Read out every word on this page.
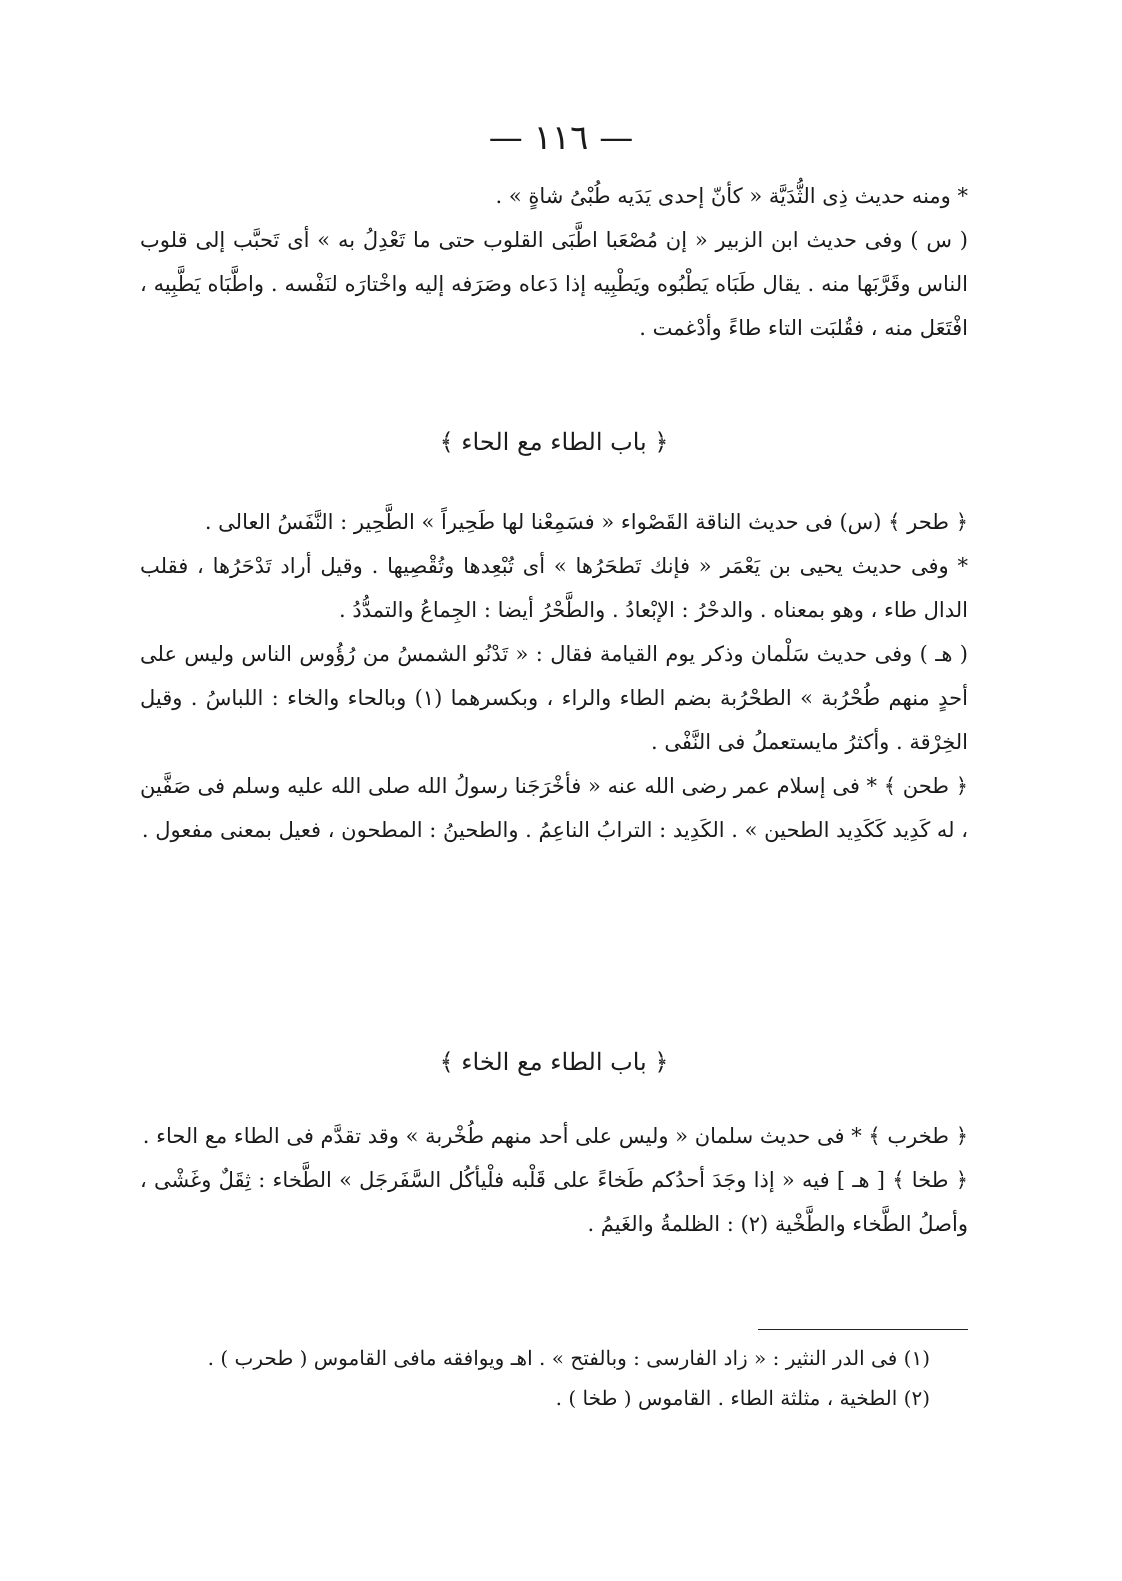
— ١١٦ —

* ومنه حديث ذِى الثُّدَيَّة « كأنّ إحدى يَدَيه طُبْىُ شاةٍ » .

( س ) وفى حديث ابن الزبير « إن مُصْعَبا اطَّبَى القلوب حتى ما تَعْدِلُ به » أى تَحبَّب إلى قلوب الناس وقَرَّبَها منه . يقال طَبَاه يَطْبُوه ويَطْبِيه إذا دَعاه وصَرَفه إليه واخْتارَه لنَفْسه . واطَّبَاه يَطَّبِيه ، افْتَعَل منه ، فقُلبَت التاء طاءً وأدْغمت .

﴿ باب الطاء مع الحاء ﴾

﴿ طحر ﴾ (س) فى حديث الناقة القَصْواء « فسَمِعْنا لها طَحِيراً » الطَّحِير : النَّفَسُ العالى .

* وفى حديث يحيى بن يَعْمَر « فإنك تَطحَرُها » أى تُبْعِدها وتُقْصِيها . وقيل أراد تَدْحَرُها ، فقلب الدال طاء ، وهو بمعناه . والدحْرُ : الإبْعادُ . والطَّحْرُ أيضا : الجِماعُ والتمدُّدُ .

( هـ ) وفى حديث سَلْمان وذكر يوم القيامة فقال : « تَدْنُو الشمسُ من رُؤُوس الناس وليس على أحدٍ منهم طُحْرُبة » الطحْرُبة بضم الطاء والراء ، وبكسرهما (١) وبالحاء والخاء : اللباسُ . وقيل الخِرْقة . وأكثرُ مايستعملُ فى النَّفْى .

﴿ طحن ﴾ * فى إسلام عمر رضى الله عنه « فأخْرَجَنا رسولُ الله صلى الله عليه وسلم فى صَفَّين ، له كَدِيد كَكَدِيد الطحين » . الكَدِيد : الترابُ الناعِمُ . والطحينُ : المطحون ، فعيل بمعنى مفعول .

﴿ باب الطاء مع الخاء ﴾

﴿ طخرب ﴾ * فى حديث سلمان « وليس على أحد منهم طُخْربة » وقد تقدَّم فى الطاء مع الحاء .

﴿ طخا ﴾ [ هـ ] فيه « إذا وجَدَ أحدُكم طَخاءً على قَلْبه فلْيأكُل السَّفَرجَل » الطَّخاء : ثِقَلٌ وغَشْى ، وأصلُ الطَّخاء والطَّخْية (٢) : الظلمةُ والغَيمُ .

(١) فى الدر النثير : « زاد الفارسى : وبالفتح » . اهـ ويوافقه مافى القاموس ( طحرب ) .

(٢) الطخية ، مثلثة الطاء . القاموس ( طخا ) .
